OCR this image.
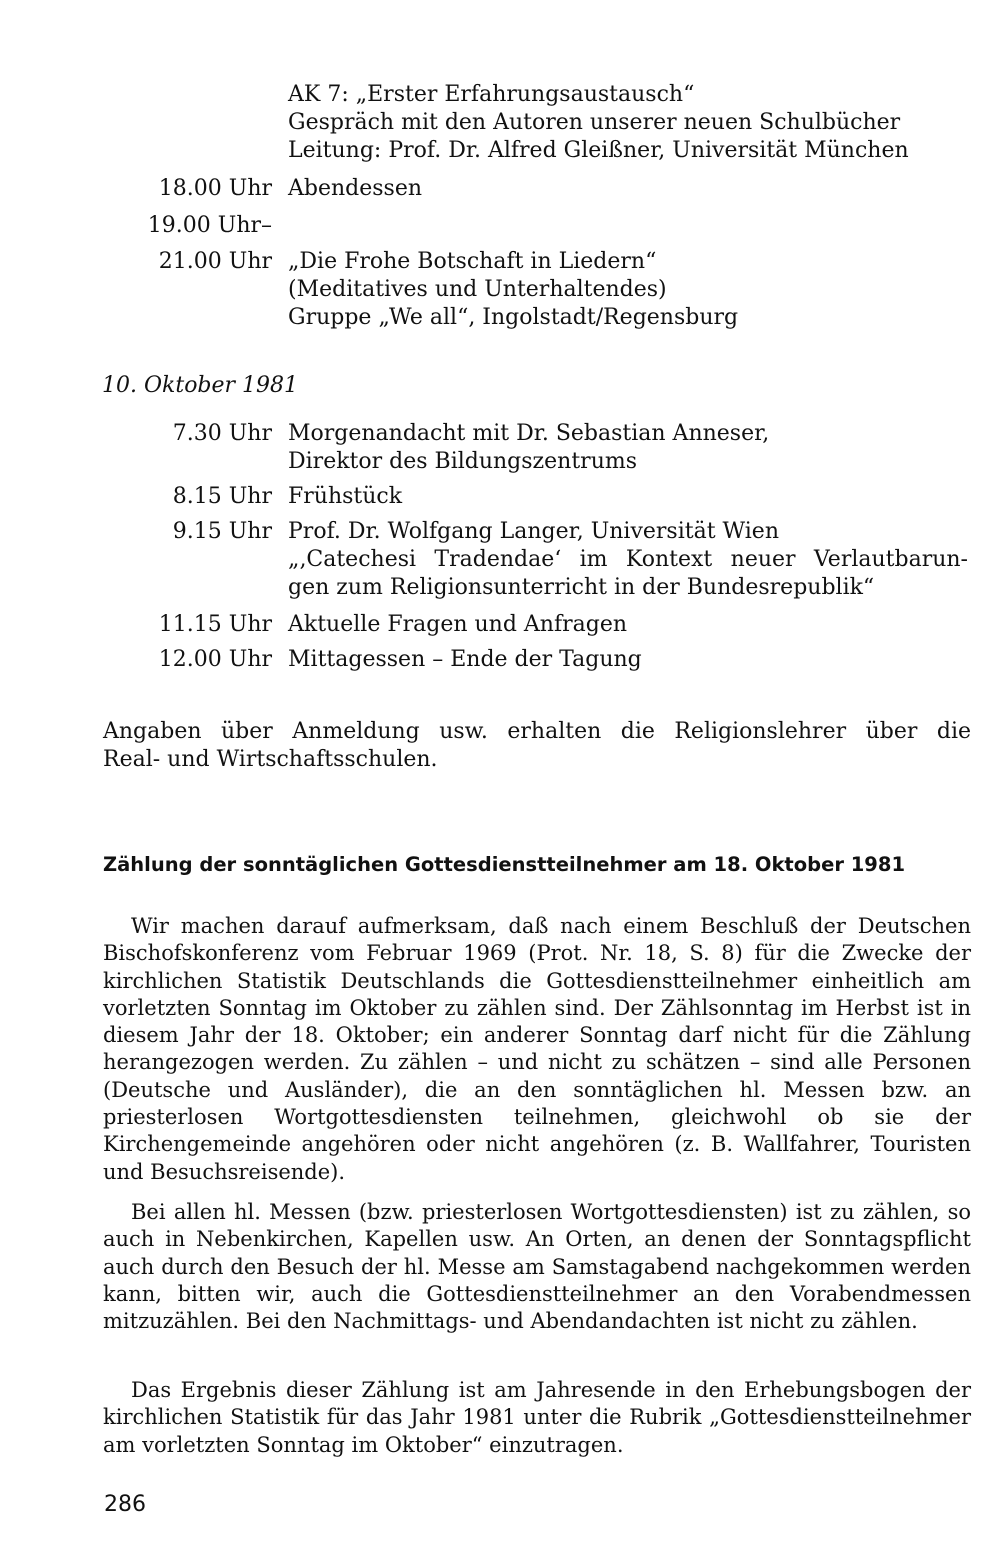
AK 7: „Erster Erfahrungsaustausch“
Gespräch mit den Autoren unserer neuen Schulbücher
Leitung: Prof. Dr. Alfred Gleißner, Universität München
18.00 Uhr Abendessen
19.00 Uhr–
21.00 Uhr „Die Frohe Botschaft in Liedern“
(Meditatives und Unterhaltendes)
Gruppe „We all“, Ingolstadt/Regensburg
10. Oktober 1981
7.30 Uhr Morgenandacht mit Dr. Sebastian Anneser,
Direktor des Bildungszentrums
8.15 Uhr Frühstück
9.15 Uhr Prof. Dr. Wolfgang Langer, Universität Wien
„‚Catechesi Tradendae‘ im Kontext neuer Verlautbarun-
gen zum Religionsunterricht in der Bundesrepublik“
11.15 Uhr Aktuelle Fragen und Anfragen
12.00 Uhr Mittagessen – Ende der Tagung
Angaben über Anmeldung usw. erhalten die Religionslehrer über die
Real- und Wirtschaftsschulen.
Zählung der sonntäglichen Gottesdienstteilnehmer am 18. Oktober 1981

Wir machen darauf aufmerksam, daß nach einem Beschluß der Deutschen Bischofskonferenz vom Februar 1969 (Prot. Nr. 18, S. 8) für die Zwecke der kirchlichen Statistik Deutschlands die Gottesdienstteilnehmer einheitlich am vorletzten Sonntag im Oktober zu zählen sind. Der Zählsonntag im Herbst ist in diesem Jahr der 18. Oktober; ein anderer Sonntag darf nicht für die Zählung herangezogen werden. Zu zählen – und nicht zu schätzen – sind alle Personen (Deutsche und Ausländer), die an den sonntäglichen hl. Messen bzw. an priesterlosen Wortgottesdiensten teilnehmen, gleichwohl ob sie der Kirchengemeinde angehören oder nicht angehören (z. B. Wallfahrer, Touristen und Besuchsreisende).

Bei allen hl. Messen (bzw. priesterlosen Wortgottesdiensten) ist zu zählen, so auch in Nebenkirchen, Kapellen usw. An Orten, an denen der Sonntagspflicht auch durch den Besuch der hl. Messe am Samstagabend nachgekommen werden kann, bitten wir, auch die Gottesdienstteilnehmer an den Vorabendmessen mitzuzählen. Bei den Nachmittags- und Abendandachten ist nicht zu zählen.

Das Ergebnis dieser Zählung ist am Jahresende in den Erhebungsbogen der kirchlichen Statistik für das Jahr 1981 unter die Rubrik „Gottesdienstteilnehmer am vorletzten Sonntag im Oktober“ einzutragen.

286
